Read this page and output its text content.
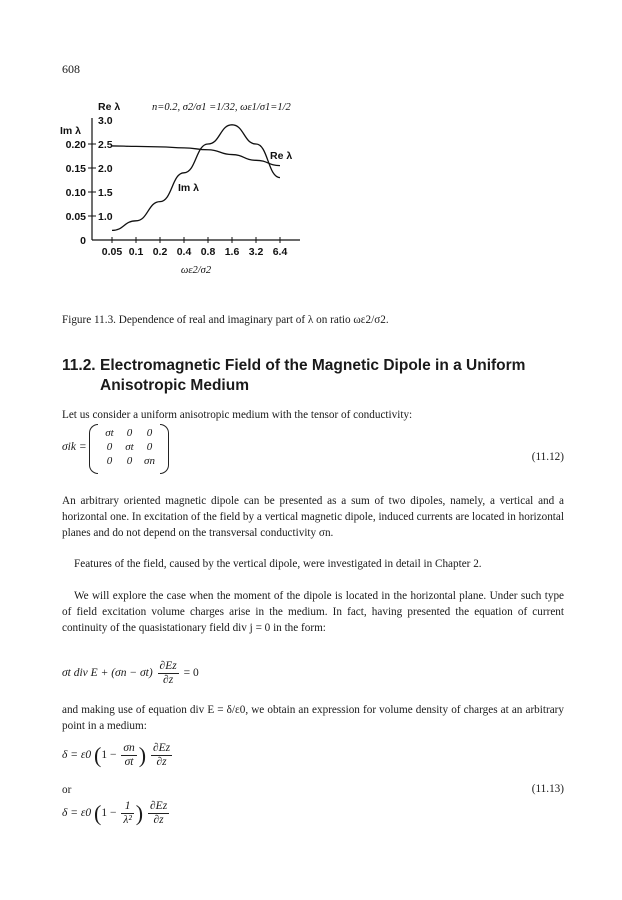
608
0
0.05
0.10
0.15
0.20
1.0
1.5
2.0
2.5
3.0
0.05 0.1 0.2 0.4 0.8 1.6 3.2 6.4
ωε2/σ2
Im λ
Re λ	n=0.2, σ2/σ1 =1/32, ωε1/σ1=1/2
Re λ
Im λ
Figure 11.3. Dependence of real and imaginary part of λ on ratio ωε2/σ2.
11.2. Electromagnetic Field of the Magnetic Dipole in a Uniform
Anisotropic Medium
Let us consider a uniform anisotropic medium with the tensor of conductivity:
σik =
σt	0	0
0	σt	0
0	0	σn	(11.12)
An arbitrary oriented magnetic dipole can be presented as a sum of two dipoles, namely, a vertical and a horizontal one. In excitation of the field by a vertical magnetic dipole, induced currents are located in horizontal planes and do not depend on the transversal conductivity σn.
Features of the field, caused by the vertical dipole, were investigated in detail in Chapter 2.
We will explore the case when the moment of the dipole is located in the horizontal plane. Under such type of field excitation volume charges arise in the medium. In fact, having presented the equation of current continuity of the quasistationary field div j = 0 in the form:
σt div $E + (\sigma n - \sigma t) \frac{\partial Ez}{\partial z} = 0$
and making use of equation div E = δ/ε0, we obtain an expression for volume density of charges at an arbitrary point in a medium:
δ = ε0 ($1 - \frac{\sigma n}{\sigma t}$ ) $\frac{\partial Ez}{\partial z}$
or	(11.13)
δ = ε0 ($1 - \frac{1}{\text{λ²}}$ ) $\frac{\partial Ez}{\partial z}$
